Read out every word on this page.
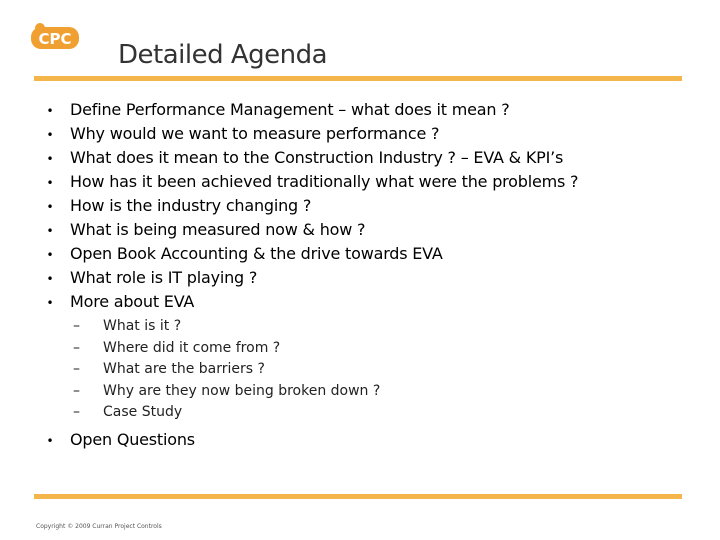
CPC
Detailed Agenda
•	Define Performance Management – what does it mean ?
•	Why would we want to measure performance ?
•	What does it mean to the Construction Industry ? – EVA & KPI’s
•	How has it been achieved traditionally what were the problems ?
•	How is the industry changing ?
•	What is being measured now & how ?
•	Open Book Accounting & the drive towards EVA
•	What role is IT playing ?
•	More about EVA
–	What is it ?
–	Where did it come from ?
–	What are the barriers ?
–	Why are they now being broken down ?
–	Case Study
•	Open Questions
Copyright © 2009 Curran Project Controls
